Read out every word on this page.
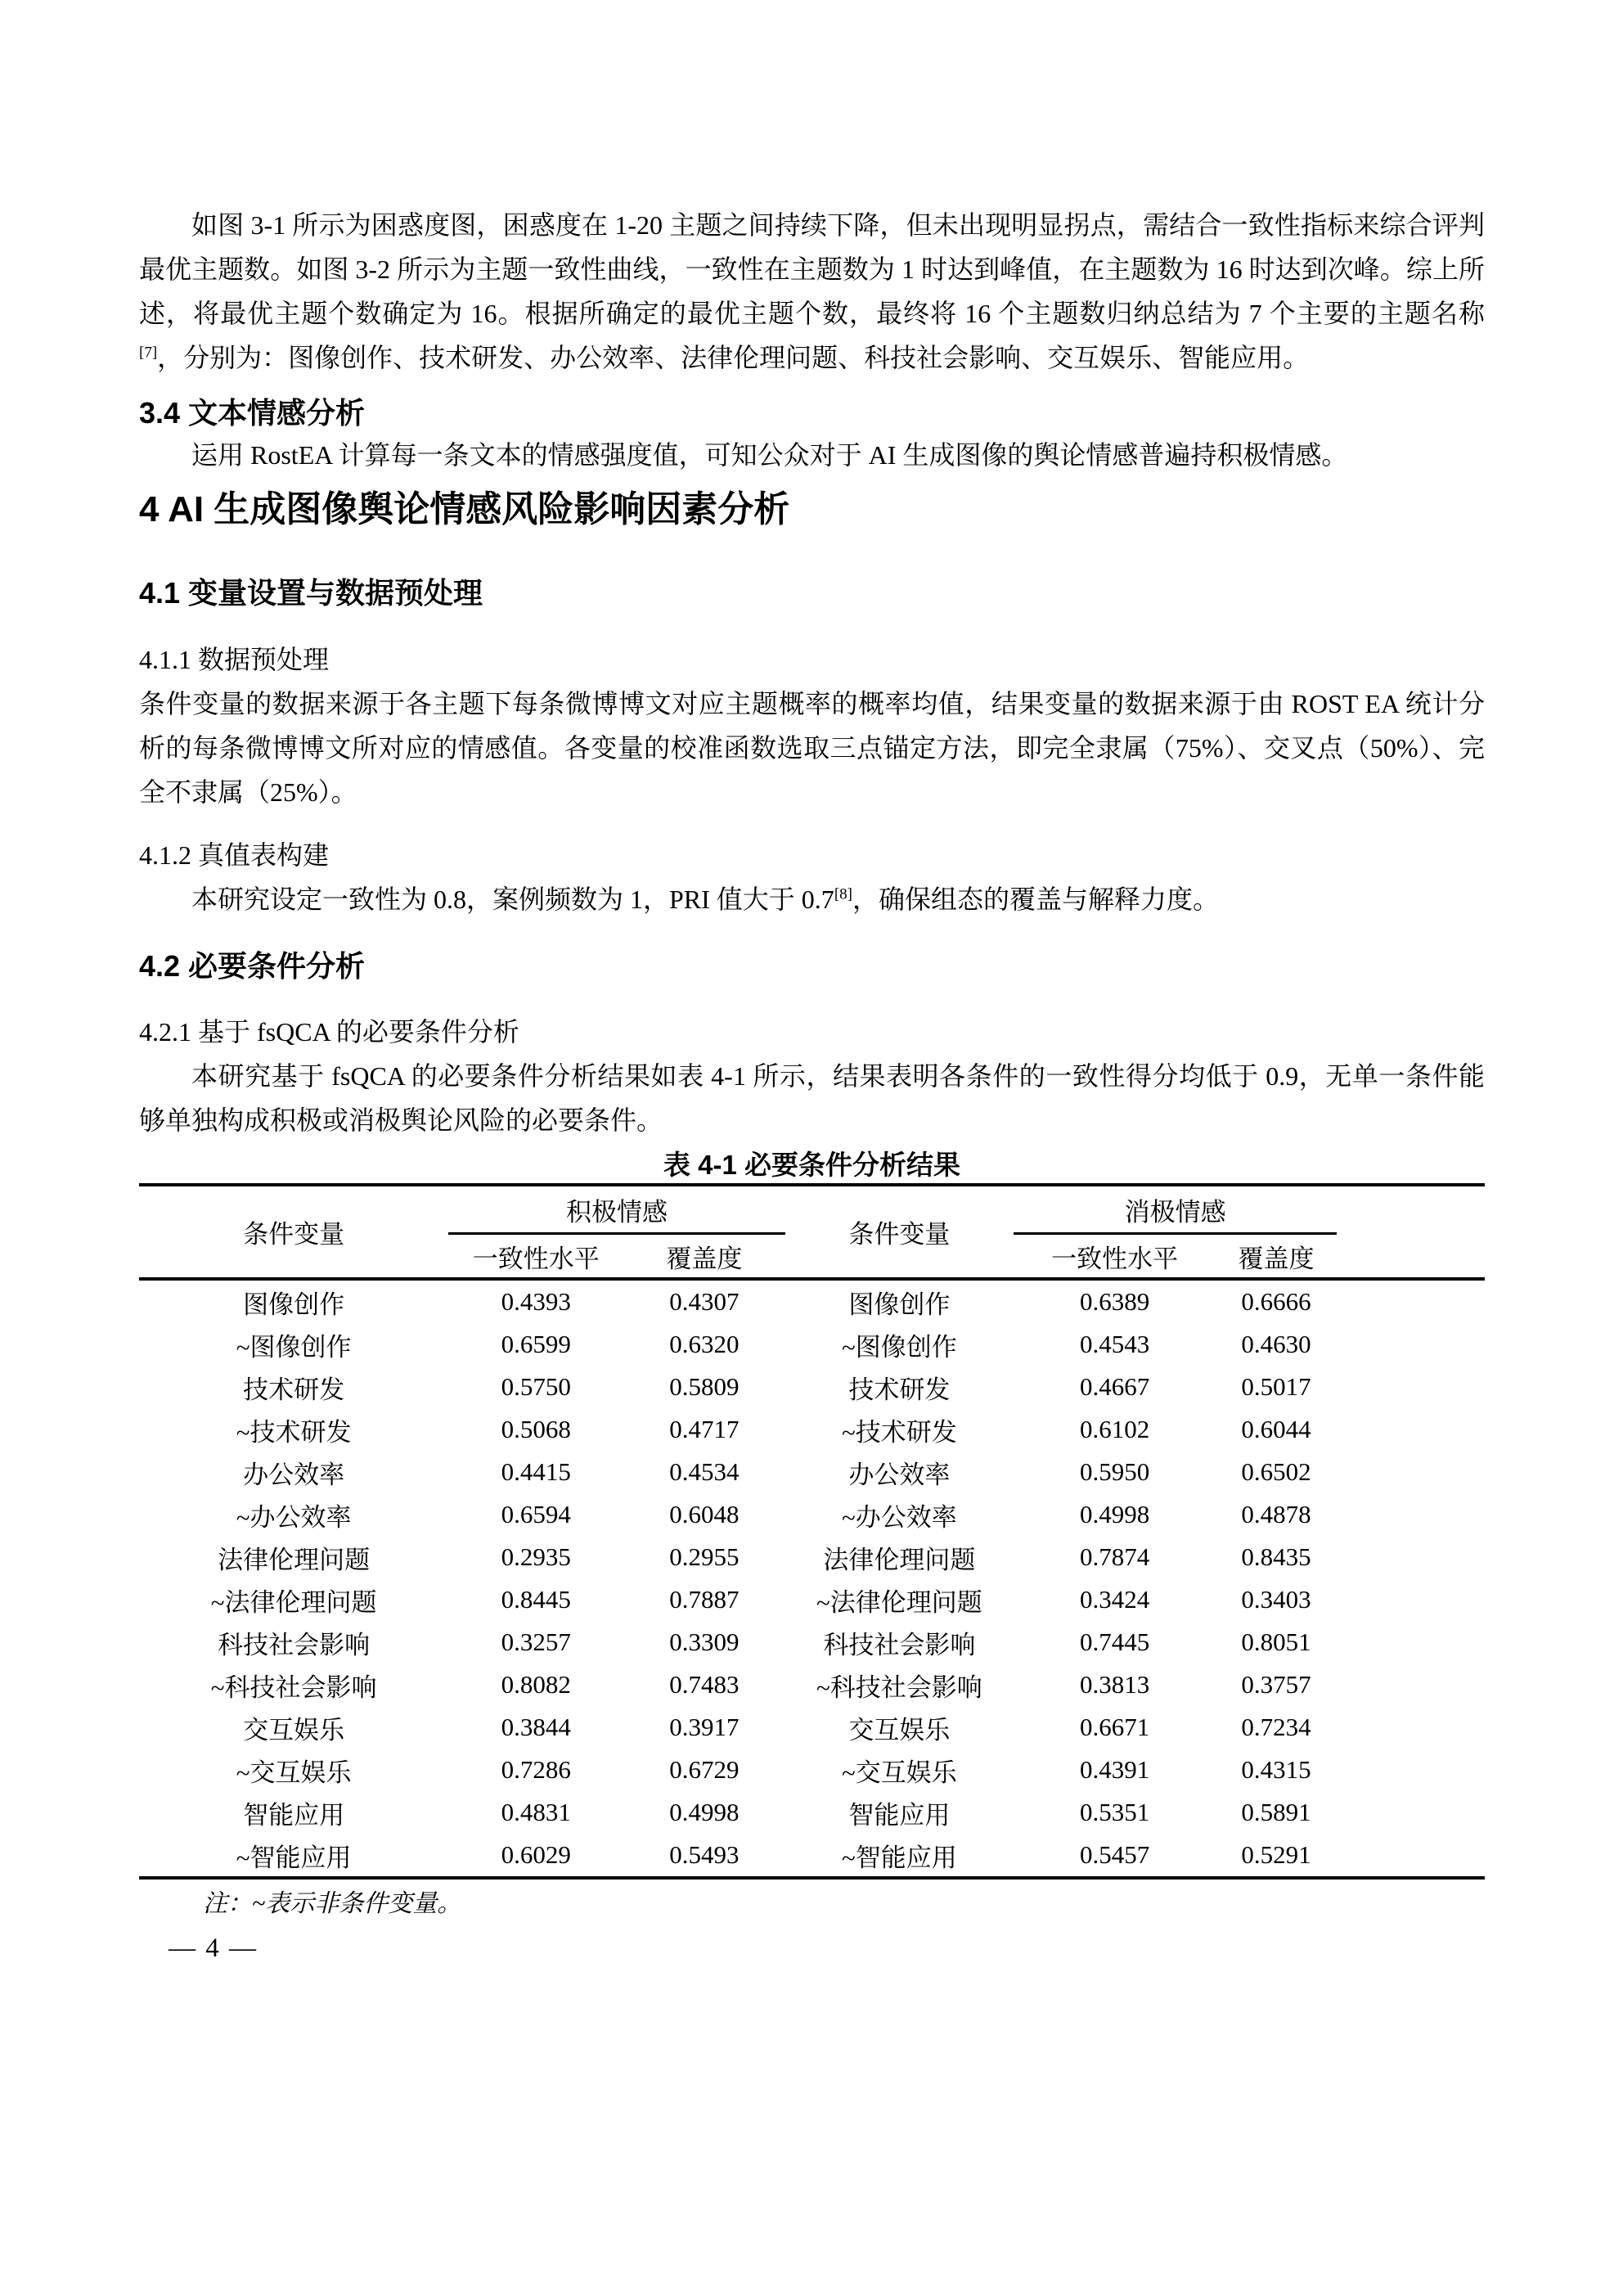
如图 3-1 所示为困惑度图，困惑度在 1-20 主题之间持续下降，但未出现明显拐点，需结合一致性指标来综合评判最优主题数。如图 3-2 所示为主题一致性曲线，一致性在主题数为 1 时达到峰值，在主题数为 16 时达到次峰。综上所述，将最优主题个数确定为 16。根据所确定的最优主题个数，最终将 16 个主题数归纳总结为 7 个主要的主题名称[7]，分别为：图像创作、技术研发、办公效率、法律伦理问题、科技社会影响、交互娱乐、智能应用。

3.4 文本情感分析

运用 RostEA 计算每一条文本的情感强度值，可知公众对于 AI 生成图像的舆论情感普遍持积极情感。

4 AI 生成图像舆论情感风险影响因素分析
4.1 变量设置与数据预处理
4.1.1 数据预处理

条件变量的数据来源于各主题下每条微博博文对应主题概率的概率均值，结果变量的数据来源于由 ROST EA 统计分析的每条微博博文所对应的情感值。各变量的校准函数选取三点锚定方法，即完全隶属（75%）、交叉点（50%）、完全不隶属（25%）。

4.1.2 真值表构建

本研究设定一致性为 0.8，案例频数为 1，PRI 值大于 0.7[8]，确保组态的覆盖与解释力度。

4.2 必要条件分析
4.2.1 基于 fsQCA 的必要条件分析

本研究基于 fsQCA 的必要条件分析结果如表 4-1 所示，结果表明各条件的一致性得分均低于 0.9，无单一条件能够单独构成积极或消极舆论风险的必要条件。

表 4-1 必要条件分析结果
条件变量	积极情感		条件变量	消极情感		
	一致性水平	覆盖度		一致性水平	覆盖度	
图像创作	0.4393	0.4307	图像创作	0.6389	0.6666	
~图像创作	0.6599	0.6320	~图像创作	0.4543	0.4630	
技术研发	0.5750	0.5809	技术研发	0.4667	0.5017	
~技术研发	0.5068	0.4717	~技术研发	0.6102	0.6044	
办公效率	0.4415	0.4534	办公效率	0.5950	0.6502	
~办公效率	0.6594	0.6048	~办公效率	0.4998	0.4878	
法律伦理问题	0.2935	0.2955	法律伦理问题	0.7874	0.8435	
~法律伦理问题	0.8445	0.7887	~法律伦理问题	0.3424	0.3403	
科技社会影响	0.3257	0.3309	科技社会影响	0.7445	0.8051	
~科技社会影响	0.8082	0.7483	~科技社会影响	0.3813	0.3757	
交互娱乐	0.3844	0.3917	交互娱乐	0.6671	0.7234	
~交互娱乐	0.7286	0.6729	~交互娱乐	0.4391	0.4315	
智能应用	0.4831	0.4998	智能应用	0.5351	0.5891	
~智能应用	0.6029	0.5493	~智能应用	0.5457	0.5291	
注：~表示非条件变量。
— 4 —
